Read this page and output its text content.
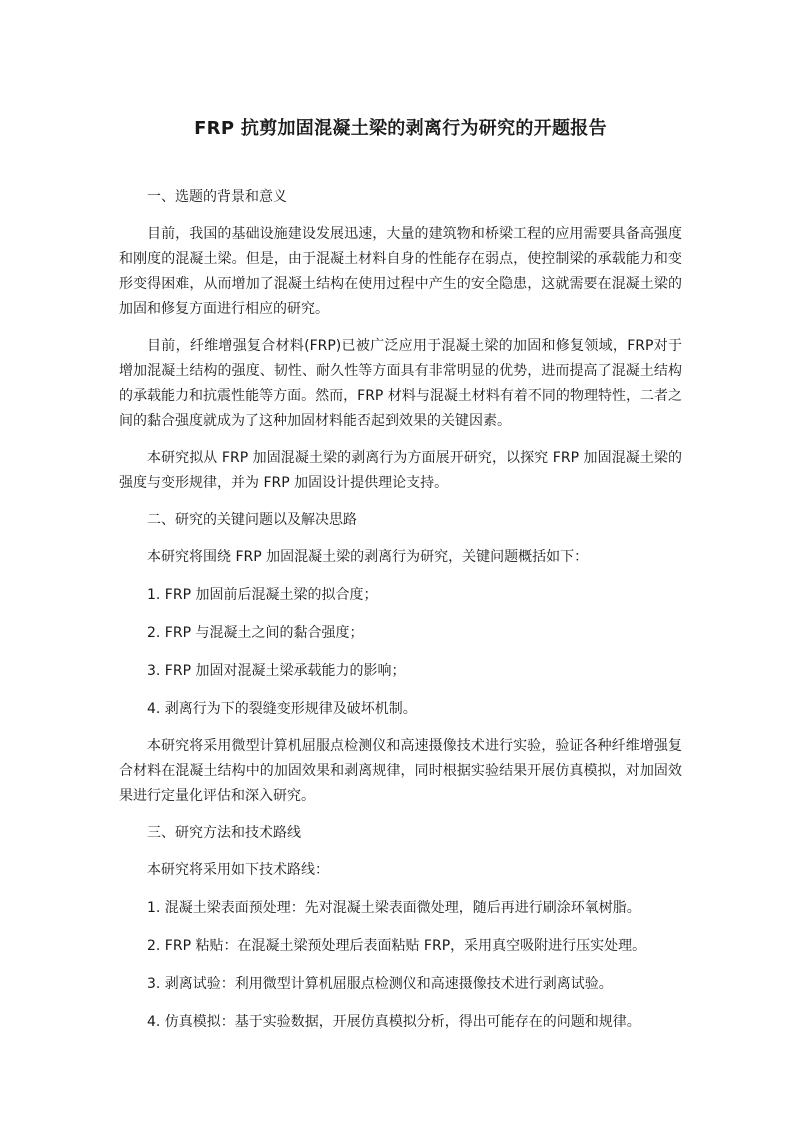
FRP 抗剪加固混凝土梁的剥离行为研究的开题报告

一、选题的背景和意义

目前，我国的基础设施建设发展迅速，大量的建筑物和桥梁工程的应用需要具备高强度和刚度的混凝土梁。但是，由于混凝土材料自身的性能存在弱点，使控制梁的承载能力和变形变得困难，从而增加了混凝土结构在使用过程中产生的安全隐患，这就需要在混凝土梁的加固和修复方面进行相应的研究。

目前，纤维增强复合材料(FRP)已被广泛应用于混凝土梁的加固和修复领域，FRP对于增加混凝土结构的强度、韧性、耐久性等方面具有非常明显的优势，进而提高了混凝土结构的承载能力和抗震性能等方面。然而，FRP 材料与混凝土材料有着不同的物理特性，二者之间的黏合强度就成为了这种加固材料能否起到效果的关键因素。

本研究拟从 FRP 加固混凝土梁的剥离行为方面展开研究，以探究 FRP 加固混凝土梁的强度与变形规律，并为 FRP 加固设计提供理论支持。

二、研究的关键问题以及解决思路

本研究将围绕 FRP 加固混凝土梁的剥离行为研究，关键问题概括如下：

1. FRP 加固前后混凝土梁的拟合度；

2. FRP 与混凝土之间的黏合强度；

3. FRP 加固对混凝土梁承载能力的影响；

4. 剥离行为下的裂缝变形规律及破坏机制。

本研究将采用微型计算机屈服点检测仪和高速摄像技术进行实验，验证各种纤维增强复合材料在混凝土结构中的加固效果和剥离规律，同时根据实验结果开展仿真模拟，对加固效果进行定量化评估和深入研究。

三、研究方法和技术路线

本研究将采用如下技术路线：

1. 混凝土梁表面预处理：先对混凝土梁表面微处理，随后再进行刷涂环氧树脂。

2. FRP 粘贴：在混凝土梁预处理后表面粘贴 FRP，采用真空吸附进行压实处理。

3. 剥离试验：利用微型计算机屈服点检测仪和高速摄像技术进行剥离试验。

4. 仿真模拟：基于实验数据，开展仿真模拟分析，得出可能存在的问题和规律。
